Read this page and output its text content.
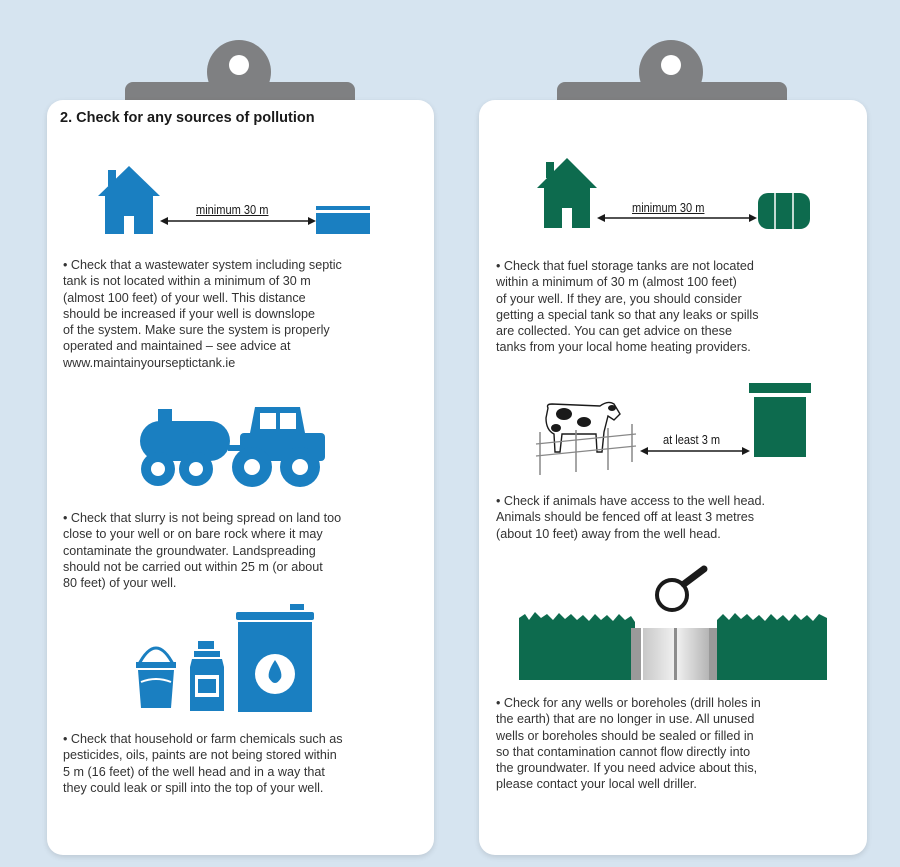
2. Check for any sources of pollution
minimum 30 m

• Check that a wastewater system including septic
tank is not located within a minimum of 30 m
(almost 100 feet) of your well. This distance
should be increased if your well is downslope
of the system. Make sure the system is properly
operated and maintained – see advice at
www.maintainyourseptictank.ie

• Check that slurry is not being spread on land too
close to your well or on bare rock where it may
contaminate the groundwater. Landspreading
should not be carried out within 25 m (or about
80 feet) of your well.

• Check that household or farm chemicals such as
pesticides, oils, paints are not being stored within
5 m (16 feet) of the well head and in a way that
they could leak or spill into the top of your well.

minimum 30 m

• Check that fuel storage tanks are not located
within a minimum of 30 m (almost 100 feet)
of your well. If they are, you should consider
getting a special tank so that any leaks or spills
are collected. You can get advice on these
tanks from your local home heating providers.

at least 3 m

• Check if animals have access to the well head.
Animals should be fenced off at least 3 metres
(about 10 feet) away from the well head.

• Check for any wells or boreholes (drill holes in
the earth) that are no longer in use. All unused
wells or boreholes should be sealed or filled in
so that contamination cannot flow directly into
the groundwater. If you need advice about this,
please contact your local well driller.
